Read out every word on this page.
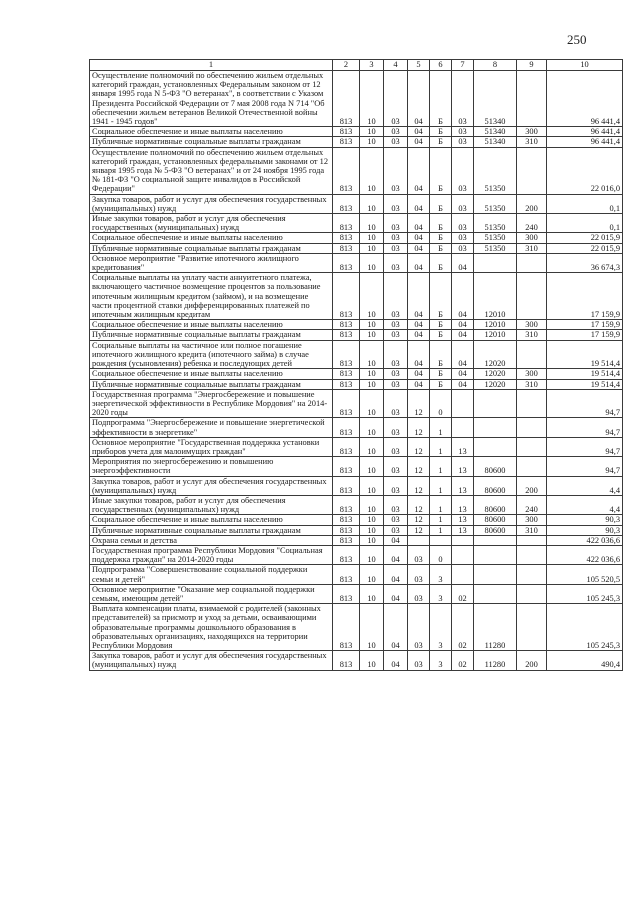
250
1	2	3	4	5	6	7	8	9	10
Осуществление полномочий по обеспечению жильем отдельных категорий граждан, установленных Федеральным законом от 12 января 1995 года N 5-ФЗ "О ветеранах", в соответствии с Указом Президента Российской Федерации от 7 мая 2008 года N 714 "Об обеспечении жильем ветеранов Великой Отечественной войны 1941 - 1945 годов"	813	10	03	04	Б	03	51340		96 441,4
Социальное обеспечение и иные выплаты населению	813	10	03	04	Б	03	51340	300	96 441,4
Публичные нормативные социальные выплаты гражданам	813	10	03	04	Б	03	51340	310	96 441,4
Осуществление полномочий по обеспечению жильем отдельных категорий граждан, установленных федеральными законами от 12 января 1995 года № 5-ФЗ "О ветеранах" и от 24 ноября 1995 года № 181-ФЗ "О социальной защите инвалидов в Российской Федерации"	813	10	03	04	Б	03	51350		22 016,0
Закупка товаров, работ и услуг для обеспечения государственных (муниципальных) нужд	813	10	03	04	Б	03	51350	200	0,1
Иные закупки товаров, работ и услуг для обеспечения государственных (муниципальных) нужд	813	10	03	04	Б	03	51350	240	0,1
Социальное обеспечение и иные выплаты населению	813	10	03	04	Б	03	51350	300	22 015,9
Публичные нормативные социальные выплаты гражданам	813	10	03	04	Б	03	51350	310	22 015,9
Основное мероприятие "Развитие ипотечного жилищного кредитования"	813	10	03	04	Б	04			36 674,3
Социальные выплаты на уплату части аннуитетного платежа, включающего частичное возмещение процентов за пользование ипотечным жилищным кредитом (займом), и на возмещение части процентной ставки дифференцированных платежей по ипотечным жилищным кредитам	813	10	03	04	Б	04	12010		17 159,9
Социальное обеспечение и иные выплаты населению	813	10	03	04	Б	04	12010	300	17 159,9
Публичные нормативные социальные выплаты гражданам	813	10	03	04	Б	04	12010	310	17 159,9
Социальные выплаты на частичное или полное погашение ипотечного жилищного кредита (ипотечного займа) в случае рождения (усыновления) ребенка и последующих детей	813	10	03	04	Б	04	12020		19 514,4
Социальное обеспечение и иные выплаты населению	813	10	03	04	Б	04	12020	300	19 514,4
Публичные нормативные социальные выплаты гражданам	813	10	03	04	Б	04	12020	310	19 514,4
Государственная программа "Энергосбережение и повышение энергетической эффективности в Республике Мордовия" на 2014-2020 годы	813	10	03	12	0				94,7
Подпрограмма "Энергосбережение и повышение энергетической эффективности в энергетике"	813	10	03	12	1				94,7
Основное мероприятие "Государственная поддержка установки приборов учета для малоимущих граждан"	813	10	03	12	1	13			94,7
Мероприятия по энергосбережению и повышению энергоэффективности	813	10	03	12	1	13	80600		94,7
Закупка товаров, работ и услуг для обеспечения государственных (муниципальных) нужд	813	10	03	12	1	13	80600	200	4,4
Иные закупки товаров, работ и услуг для обеспечения государственных (муниципальных) нужд	813	10	03	12	1	13	80600	240	4,4
Социальное обеспечение и иные выплаты населению	813	10	03	12	1	13	80600	300	90,3
Публичные нормативные социальные выплаты гражданам	813	10	03	12	1	13	80600	310	90,3
Охрана семьи и детства	813	10	04						422 036,6
Государственная программа Республики Мордовия "Социальная поддержка граждан" на 2014-2020 годы	813	10	04	03	0				422 036,6
Подпрограмма "Совершенствование социальной поддержки семьи и детей"	813	10	04	03	3				105 520,5
Основное мероприятие "Оказание мер социальной поддержки семьям, имеющим детей"	813	10	04	03	3	02			105 245,3
Выплата компенсации платы, взимаемой с родителей (законных представителей) за присмотр и уход за детьми, осваивающими образовательные программы дошкольного образования в образовательных организациях, находящихся на территории Республики Мордовия	813	10	04	03	3	02	11280		105 245,3
Закупка товаров, работ и услуг для обеспечения государственных (муниципальных) нужд	813	10	04	03	3	02	11280	200	490,4
